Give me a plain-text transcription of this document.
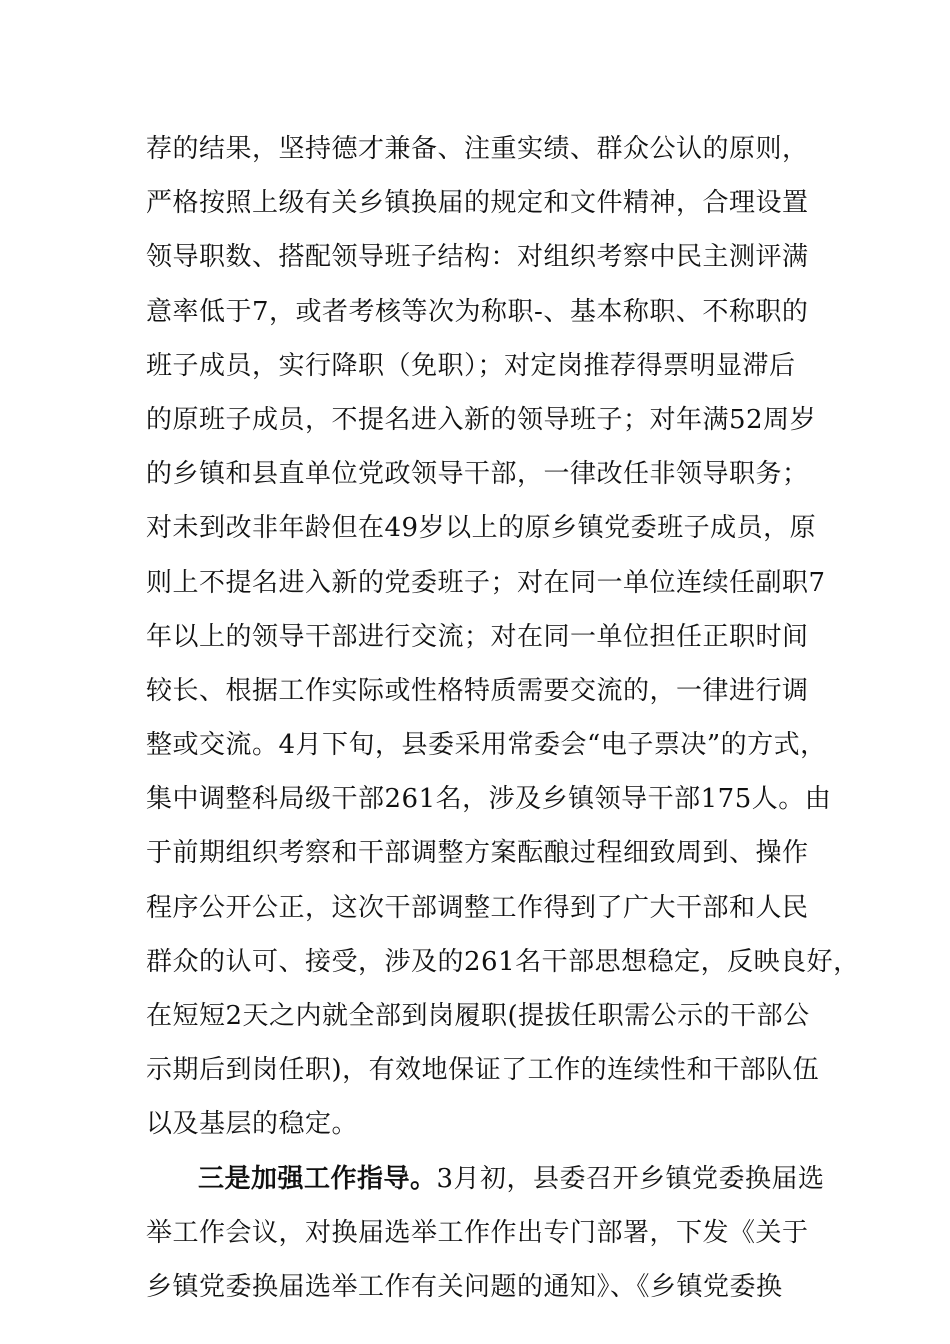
荐的结果，坚持德才兼备、注重实绩、群众公认的原则，
严格按照上级有关乡镇换届的规定和文件精神，合理设置
领导职数、搭配领导班子结构：对组织考察中民主测评满
意率低于7，或者考核等次为称职-、基本称职、不称职的
班子成员，实行降职（免职）；对定岗推荐得票明显滞后
的原班子成员，不提名进入新的领导班子；对年满52周岁
的乡镇和县直单位党政领导干部，一律改任非领导职务；
对未到改非年龄但在49岁以上的原乡镇党委班子成员，原
则上不提名进入新的党委班子；对在同一单位连续任副职7
年以上的领导干部进行交流；对在同一单位担任正职时间
较长、根据工作实际或性格特质需要交流的，一律进行调
整或交流。4月下旬，县委采用常委会“电子票决”的方式，
集中调整科局级干部261名，涉及乡镇领导干部175人。由
于前期组织考察和干部调整方案酝酿过程细致周到、操作
程序公开公正，这次干部调整工作得到了广大干部和人民
群众的认可、接受，涉及的261名干部思想稳定，反映良好，
在短短2天之内就全部到岗履职(提拔任职需公示的干部公
示期后到岗任职)，有效地保证了工作的连续性和干部队伍
以及基层的稳定。
三是加强工作指导。3月初，县委召开乡镇党委换届选
举工作会议，对换届选举工作作出专门部署，下发《关于
乡镇党委换届选举工作有关问题的通知》、《乡镇党委换
